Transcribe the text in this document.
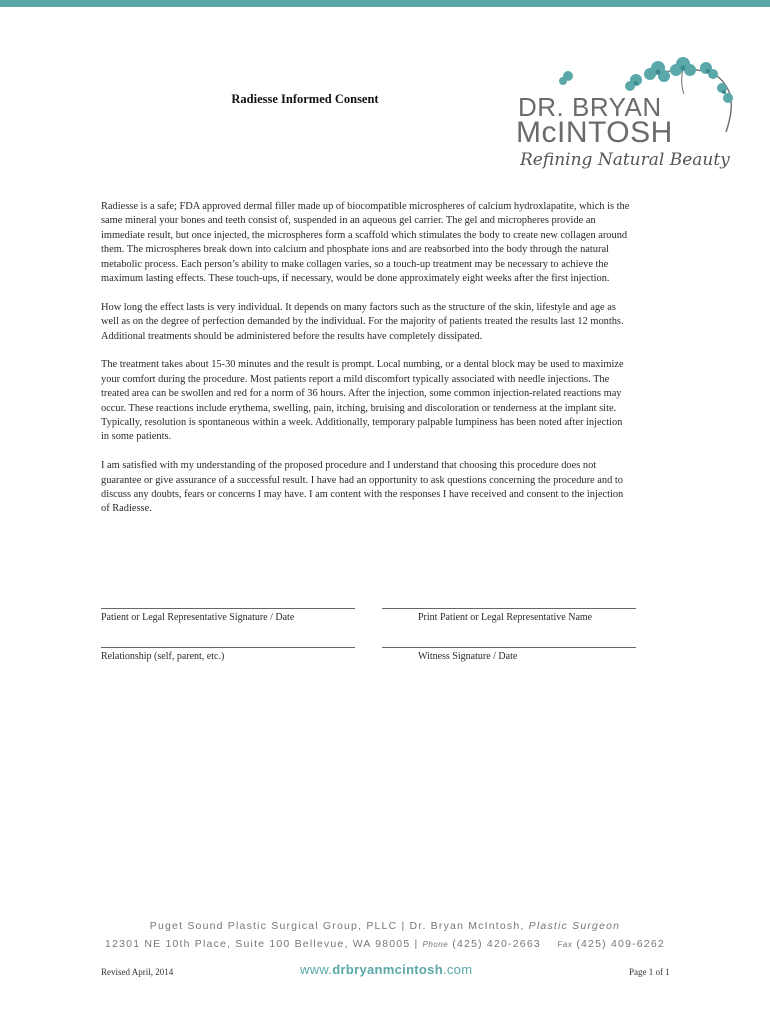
Radiesse Informed Consent	DR. BRYAN
McINTOSH
Refining Natural Beauty

Radiesse is a safe; FDA approved dermal filler made up of biocompatible microspheres of calcium hydroxlapatite, which is the same mineral your bones and teeth consist of, suspended in an aqueous gel carrier. The gel and micropheres provide an immediate result, but once injected, the microspheres form a scaffold which stimulates the body to create new collagen around them. The microspheres break down into calcium and phosphate ions and are reabsorbed into the body through the natural metabolic process. Each person’s ability to make collagen varies, so a touch-up treatment may be necessary to achieve the maximum lasting effects. These touch-ups, if necessary, would be done approximately eight weeks after the first injection.

How long the effect lasts is very individual. It depends on many factors such as the structure of the skin, lifestyle and age as well as on the degree of perfection demanded by the individual. For the majority of patients treated the results last 12 months. Additional treatments should be administered before the results have completely dissipated.

The treatment takes about 15-30 minutes and the result is prompt. Local numbing, or a dental block may be used to maximize your comfort during the procedure. Most patients report a mild discomfort typically associated with needle injections. The treated area can be swollen and red for a norm of 36 hours. After the injection, some common injection-related reactions may occur. These reactions include erythema, swelling, pain, itching, bruising and discoloration or tenderness at the implant site. Typically, resolution is spontaneous within a week. Additionally, temporary palpable lumpiness has been noted after injection in some patients.

I am satisfied with my understanding of the proposed procedure and I understand that choosing this procedure does not guarantee or give assurance of a successful result. I have had an opportunity to ask questions concerning the procedure and to discuss any doubts, fears or concerns I may have. I am content with the responses I have received and consent to the injection of Radiesse.

Patient or Legal Representative Signature / Date	Print Patient or Legal Representative Name
Relationship (self, parent, etc.)	Witness Signature / Date
Puget Sound Plastic Surgical Group, PLLC | Dr. Bryan McIntosh, Plastic Surgeon
12301 NE 10th Place, Suite 100 Bellevue, WA 98005 | Phone (425) 420-2663 Fax (425) 409-6262
Revised April, 2014	www.drbryanmcintosh.com	Page 1 of 1
